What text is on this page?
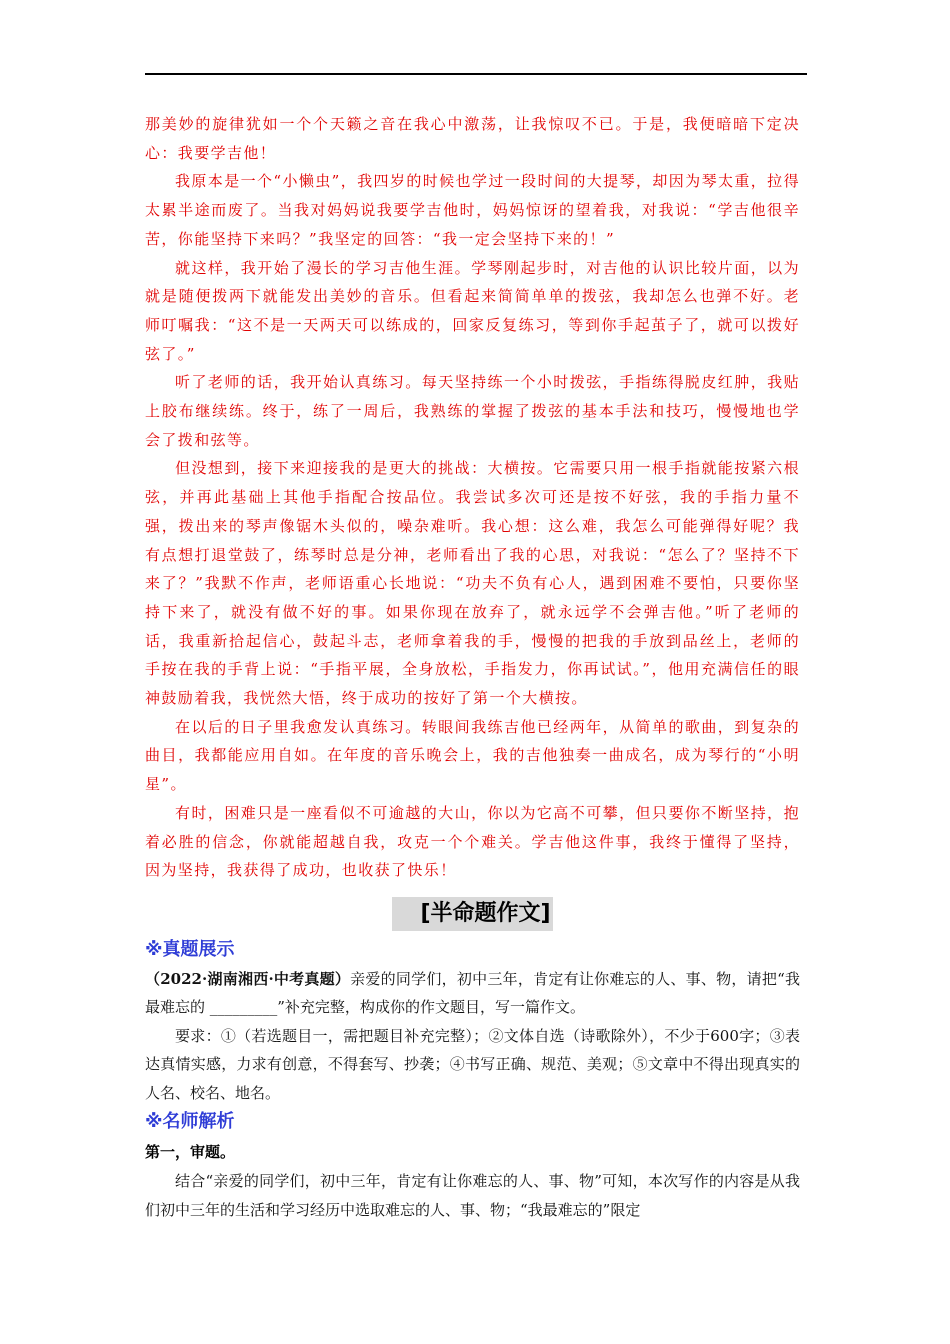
那美妙的旋律犹如一个个天籁之音在我心中激荡，让我惊叹不已。于是，我便暗暗下定决心：我要学吉他！

我原本是一个“小懒虫”，我四岁的时候也学过一段时间的大提琴，却因为琴太重，拉得太累半途而废了。当我对妈妈说我要学吉他时，妈妈惊讶的望着我，对我说：“学吉他很辛苦，你能坚持下来吗？”我坚定的回答：“我一定会坚持下来的！”

就这样，我开始了漫长的学习吉他生涯。学琴刚起步时，对吉他的认识比较片面，以为就是随便拨两下就能发出美妙的音乐。但看起来简简单单的拨弦，我却怎么也弹不好。老师叮嘱我：“这不是一天两天可以练成的，回家反复练习，等到你手起茧子了，就可以拨好弦了。”

听了老师的话，我开始认真练习。每天坚持练一个小时拨弦，手指练得脱皮红肿，我贴上胶布继续练。终于，练了一周后，我熟练的掌握了拨弦的基本手法和技巧，慢慢地也学会了拨和弦等。

但没想到，接下来迎接我的是更大的挑战：大横按。它需要只用一根手指就能按紧六根弦，并再此基础上其他手指配合按品位。我尝试多次可还是按不好弦，我的手指力量不强，拨出来的琴声像锯木头似的，噪杂难听。我心想：这么难，我怎么可能弹得好呢？我有点想打退堂鼓了，练琴时总是分神，老师看出了我的心思，对我说：“怎么了？坚持不下来了？”我默不作声，老师语重心长地说：“功夫不负有心人，遇到困难不要怕，只要你坚持下来了，就没有做不好的事。如果你现在放弃了，就永远学不会弹吉他。”听了老师的话，我重新拾起信心，鼓起斗志，老师拿着我的手，慢慢的把我的手放到品丝上，老师的手按在我的手背上说：“手指平展，全身放松，手指发力，你再试试。”，他用充满信任的眼神鼓励着我，我恍然大悟，终于成功的按好了第一个大横按。

在以后的日子里我愈发认真练习。转眼间我练吉他已经两年，从简单的歌曲，到复杂的曲目，我都能应用自如。在年度的音乐晚会上，我的吉他独奏一曲成名，成为琴行的“小明星”。

有时，困难只是一座看似不可逾越的大山，你以为它高不可攀，但只要你不断坚持，抱着必胜的信念，你就能超越自我，攻克一个个难关。学吉他这件事，我终于懂得了坚持，因为坚持，我获得了成功，也收获了快乐！

[半命题作文]

※真题展示

（2022·湖南湘西·中考真题）亲爱的同学们，初中三年，肯定有让你难忘的人、事、物，请把“我最难忘的 _________”补充完整，构成你的作文题目，写一篇作文。

要求：①（若选题目一，需把题目补充完整）；②文体自选（诗歌除外），不少于600字；③表达真情实感，力求有创意，不得套写、抄袭；④书写正确、规范、美观；⑤文章中不得出现真实的人名、校名、地名。

※名师解析

第一，审题。

结合“亲爱的同学们，初中三年，肯定有让你难忘的人、事、物”可知，本次写作的内容是从我们初中三年的生活和学习经历中选取难忘的人、事、物；“我最难忘的”限定
